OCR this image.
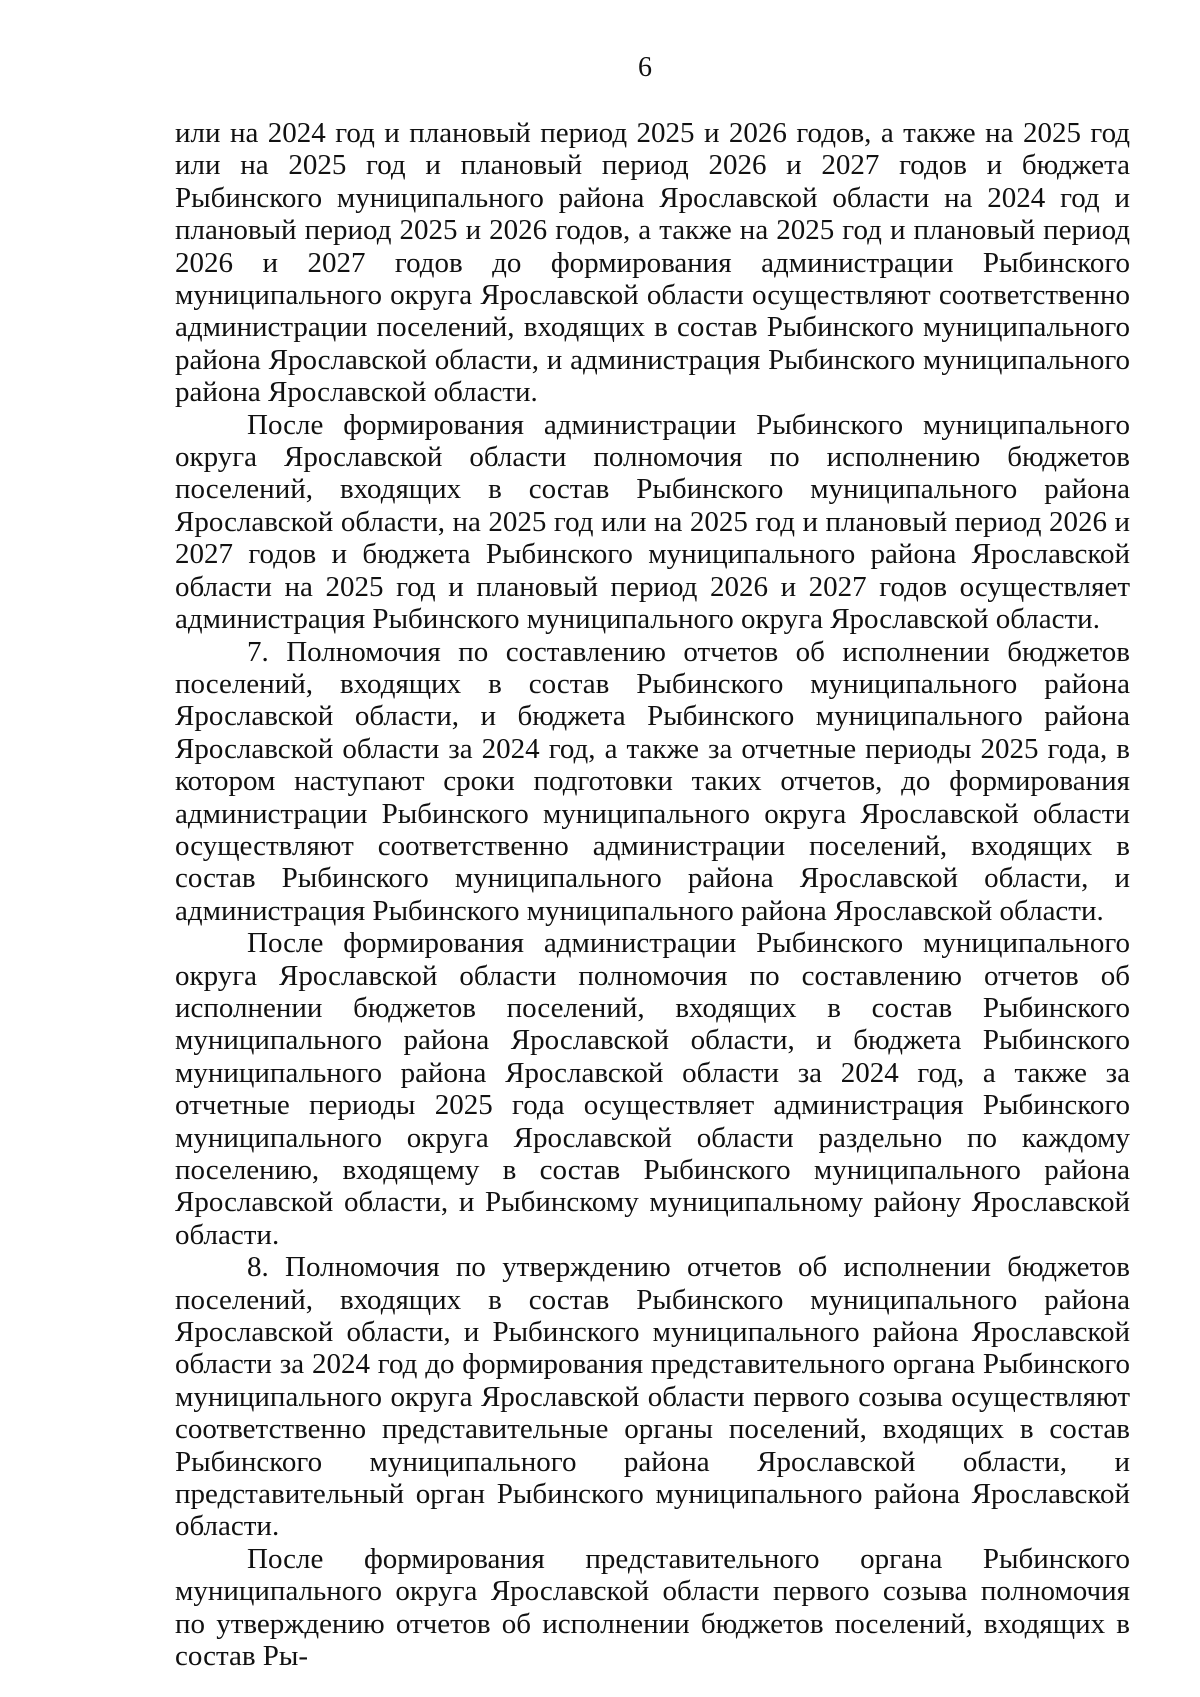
6

или на 2024 год и плановый период 2025 и 2026 годов, а также на 2025 год или на 2025 год и плановый период 2026 и 2027 годов и бюджета Рыбинского муниципального района Ярославской области на 2024 год и плановый период 2025 и 2026 годов, а также на 2025 год и плановый период 2026 и 2027 годов до формирования администрации Рыбинского муниципального округа Ярославской области осуществляют соответственно администрации поселений, входящих в состав Рыбинского муниципального района Ярославской области, и администрация Рыбинского муниципального района Ярославской области.

После формирования администрации Рыбинского муниципального округа Ярославской области полномочия по исполнению бюджетов поселений, входящих в состав Рыбинского муниципального района Ярославской области, на 2025 год или на 2025 год и плановый период 2026 и 2027 годов и бюджета Рыбинского муниципального района Ярославской области на 2025 год и плановый период 2026 и 2027 годов осуществляет администрация Рыбинского муниципального округа Ярославской области.

7. Полномочия по составлению отчетов об исполнении бюджетов поселений, входящих в состав Рыбинского муниципального района Ярославской области, и бюджета Рыбинского муниципального района Ярославской области за 2024 год, а также за отчетные периоды 2025 года, в котором наступают сроки подготовки таких отчетов, до формирования администрации Рыбинского муниципального округа Ярославской области осуществляют соответственно администрации поселений, входящих в состав Рыбинского муниципального района Ярославской области, и администрация Рыбинского муниципального района Ярославской области.

После формирования администрации Рыбинского муниципального округа Ярославской области полномочия по составлению отчетов об исполнении бюджетов поселений, входящих в состав Рыбинского муниципального района Ярославской области, и бюджета Рыбинского муниципального района Ярославской области за 2024 год, а также за отчетные периоды 2025 года осуществляет администрация Рыбинского муниципального округа Ярославской области раздельно по каждому поселению, входящему в состав Рыбинского муниципального района Ярославской области, и Рыбинскому муниципальному району Ярославской области.

8. Полномочия по утверждению отчетов об исполнении бюджетов поселений, входящих в состав Рыбинского муниципального района Ярославской области, и Рыбинского муниципального района Ярославской области за 2024 год до формирования представительного органа Рыбинского муниципального округа Ярославской области первого созыва осуществляют соответственно представительные органы поселений, входящих в состав Рыбинского муниципального района Ярославской области, и представительный орган Рыбинского муниципального района Ярославской области.

После формирования представительного органа Рыбинского муниципального округа Ярославской области первого созыва полномочия по утверждению отчетов об исполнении бюджетов поселений, входящих в состав Ры-
